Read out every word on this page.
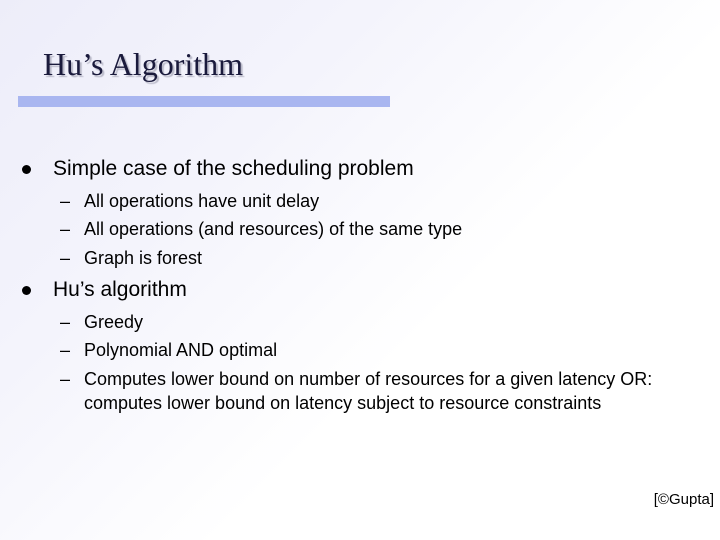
Hu’s Algorithm
Simple case of the scheduling problem
– All operations have unit delay
– All operations (and resources) of the same type
– Graph is forest
Hu’s algorithm
– Greedy
– Polynomial AND optimal
– Computes lower bound on number of resources for a given latency OR: computes lower bound on latency subject to resource constraints
[©Gupta]
